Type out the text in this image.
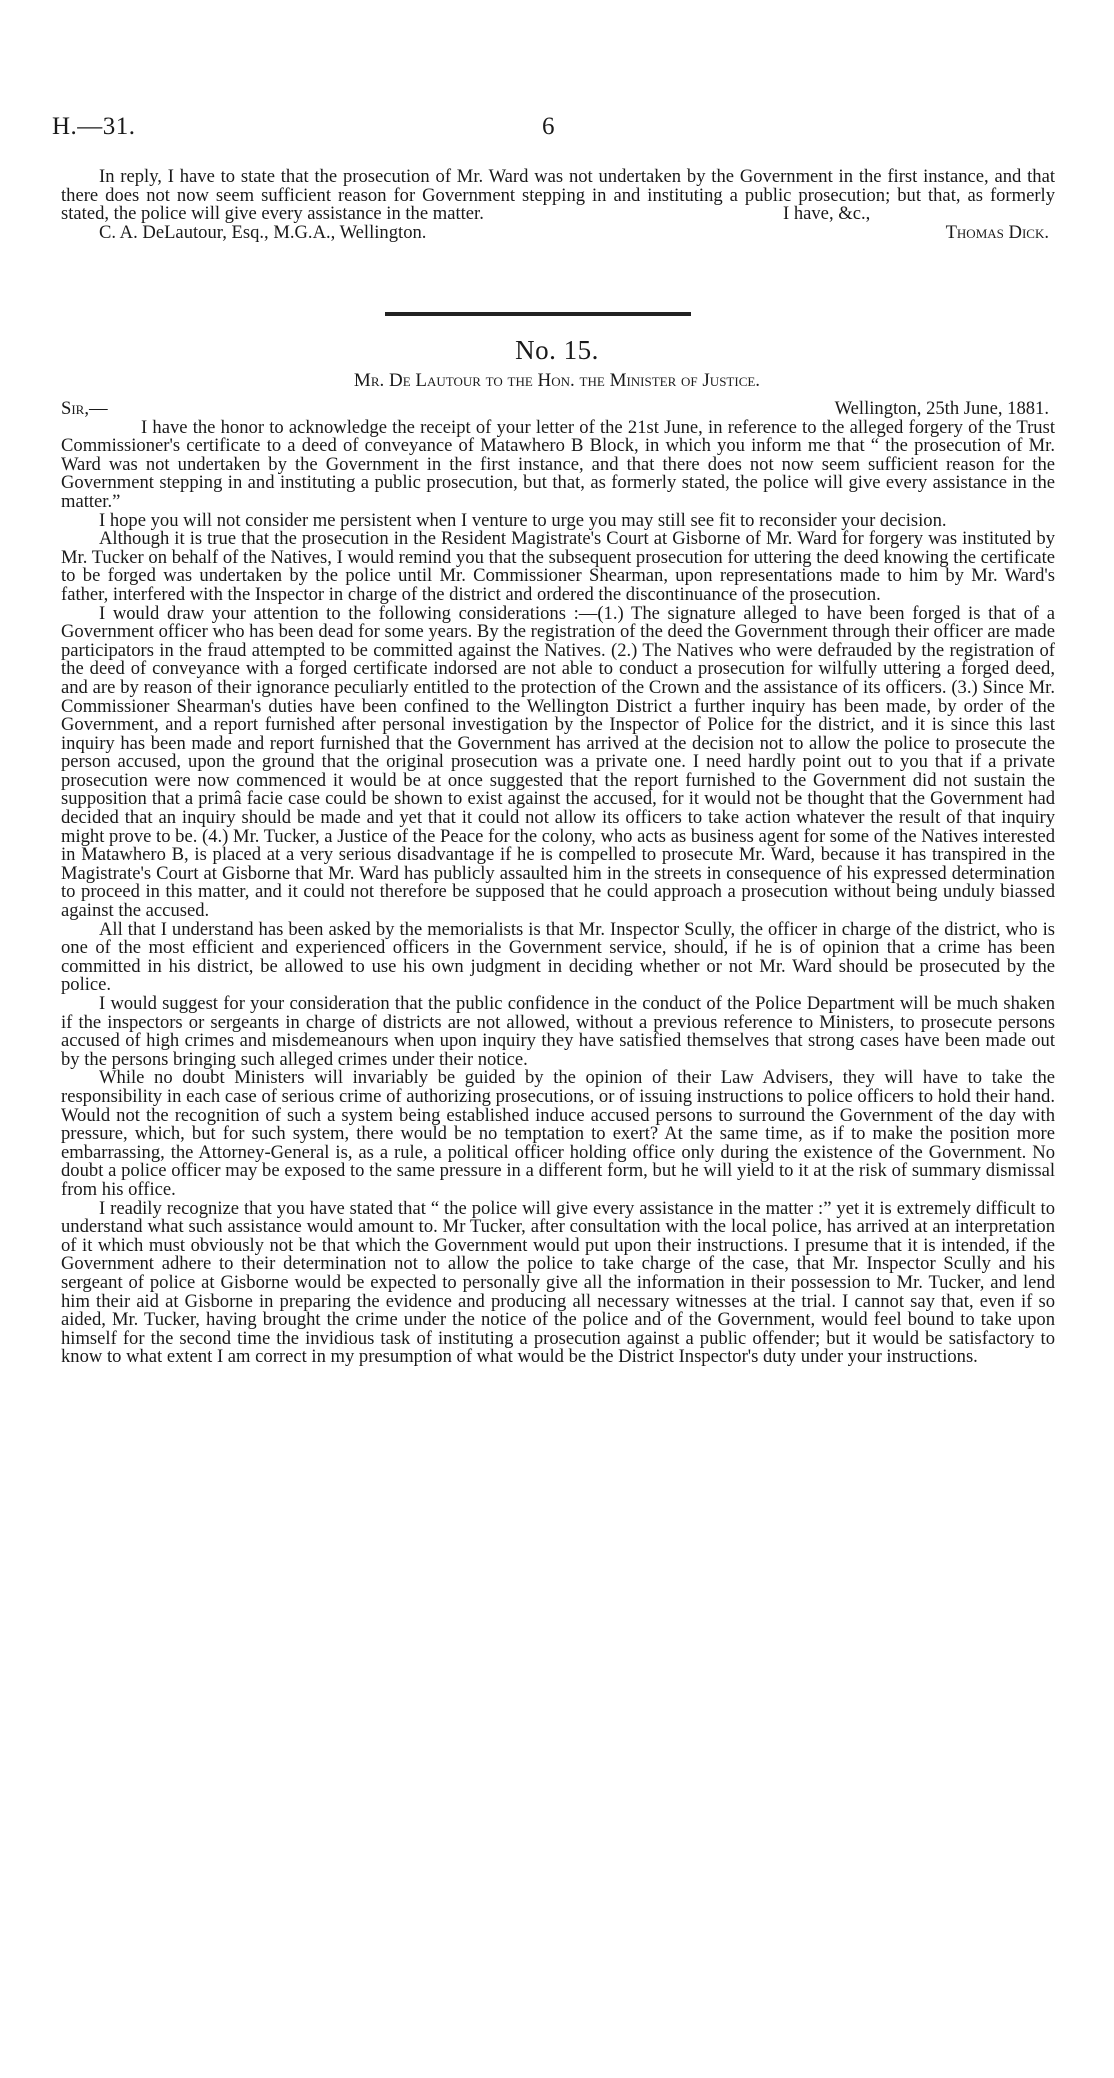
H.—31.	6

In reply, I have to state that the prosecution of Mr. Ward was not undertaken by the Government in the first instance, and that there does not now seem sufficient reason for Government stepping in and instituting a public prosecution; but that, as formerly stated, the police will give every assistance in the matter.	I have, &c.,
C. A. DeLautour, Esq., M.G.A., Wellington.	Thomas Dick.
No. 15.
Mr. De Lautour to the Hon. the Minister of Justice.
Sir,—	Wellington, 25th June, 1881.

I have the honor to acknowledge the receipt of your letter of the 21st June, in reference to the alleged forgery of the Trust Commissioner's certificate to a deed of conveyance of Matawhero B Block, in which you inform me that “ the prosecution of Mr. Ward was not undertaken by the Government in the first instance, and that there does not now seem sufficient reason for the Government stepping in and instituting a public prosecution, but that, as formerly stated, the police will give every assistance in the matter.”

I hope you will not consider me persistent when I venture to urge you may still see fit to reconsider your decision.

Although it is true that the prosecution in the Resident Magistrate's Court at Gisborne of Mr. Ward for forgery was instituted by Mr. Tucker on behalf of the Natives, I would remind you that the subsequent prosecution for uttering the deed knowing the certificate to be forged was undertaken by the police until Mr. Commissioner Shearman, upon representations made to him by Mr. Ward's father, interfered with the Inspector in charge of the district and ordered the discontinuance of the prosecution.

I would draw your attention to the following considerations :—(1.) The signature alleged to have been forged is that of a Government officer who has been dead for some years. By the registration of the deed the Government through their officer are made participators in the fraud attempted to be committed against the Natives. (2.) The Natives who were defrauded by the registration of the deed of conveyance with a forged certificate indorsed are not able to conduct a prosecution for wilfully uttering a forged deed, and are by reason of their ignorance peculiarly entitled to the protection of the Crown and the assistance of its officers. (3.) Since Mr. Commissioner Shearman's duties have been confined to the Wellington District a further inquiry has been made, by order of the Government, and a report furnished after personal investigation by the Inspector of Police for the district, and it is since this last inquiry has been made and report furnished that the Government has arrived at the decision not to allow the police to prosecute the person accused, upon the ground that the original prosecution was a private one. I need hardly point out to you that if a private prosecution were now commenced it would be at once suggested that the report furnished to the Government did not sustain the supposition that a primâ facie case could be shown to exist against the accused, for it would not be thought that the Government had decided that an inquiry should be made and yet that it could not allow its officers to take action whatever the result of that inquiry might prove to be. (4.) Mr. Tucker, a Justice of the Peace for the colony, who acts as business agent for some of the Natives interested in Matawhero B, is placed at a very serious disadvantage if he is compelled to prosecute Mr. Ward, because it has transpired in the Magistrate's Court at Gisborne that Mr. Ward has publicly assaulted him in the streets in consequence of his expressed determination to proceed in this matter, and it could not therefore be supposed that he could approach a prosecution without being unduly biassed against the accused.

All that I understand has been asked by the memorialists is that Mr. Inspector Scully, the officer in charge of the district, who is one of the most efficient and experienced officers in the Government service, should, if he is of opinion that a crime has been committed in his district, be allowed to use his own judgment in deciding whether or not Mr. Ward should be prosecuted by the police.

I would suggest for your consideration that the public confidence in the conduct of the Police Department will be much shaken if the inspectors or sergeants in charge of districts are not allowed, without a previous reference to Ministers, to prosecute persons accused of high crimes and misdemeanours when upon inquiry they have satisfied themselves that strong cases have been made out by the persons bringing such alleged crimes under their notice.

While no doubt Ministers will invariably be guided by the opinion of their Law Advisers, they will have to take the responsibility in each case of serious crime of authorizing prosecutions, or of issuing instructions to police officers to hold their hand. Would not the recognition of such a system being established induce accused persons to surround the Government of the day with pressure, which, but for such system, there would be no temptation to exert? At the same time, as if to make the position more embarrassing, the Attorney-General is, as a rule, a political officer holding office only during the existence of the Government. No doubt a police officer may be exposed to the same pressure in a different form, but he will yield to it at the risk of summary dismissal from his office.

I readily recognize that you have stated that “ the police will give every assistance in the matter :” yet it is extremely difficult to understand what such assistance would amount to. Mr Tucker, after consultation with the local police, has arrived at an interpretation of it which must obviously not be that which the Government would put upon their instructions. I presume that it is intended, if the Government adhere to their determination not to allow the police to take charge of the case, that Mr. Inspector Scully and his sergeant of police at Gisborne would be expected to personally give all the information in their possession to Mr. Tucker, and lend him their aid at Gisborne in preparing the evidence and producing all necessary witnesses at the trial. I cannot say that, even if so aided, Mr. Tucker, having brought the crime under the notice of the police and of the Government, would feel bound to take upon himself for the second time the invidious task of instituting a prosecution against a public offender; but it would be satisfactory to know to what extent I am correct in my presumption of what would be the District Inspector's duty under your instructions.
